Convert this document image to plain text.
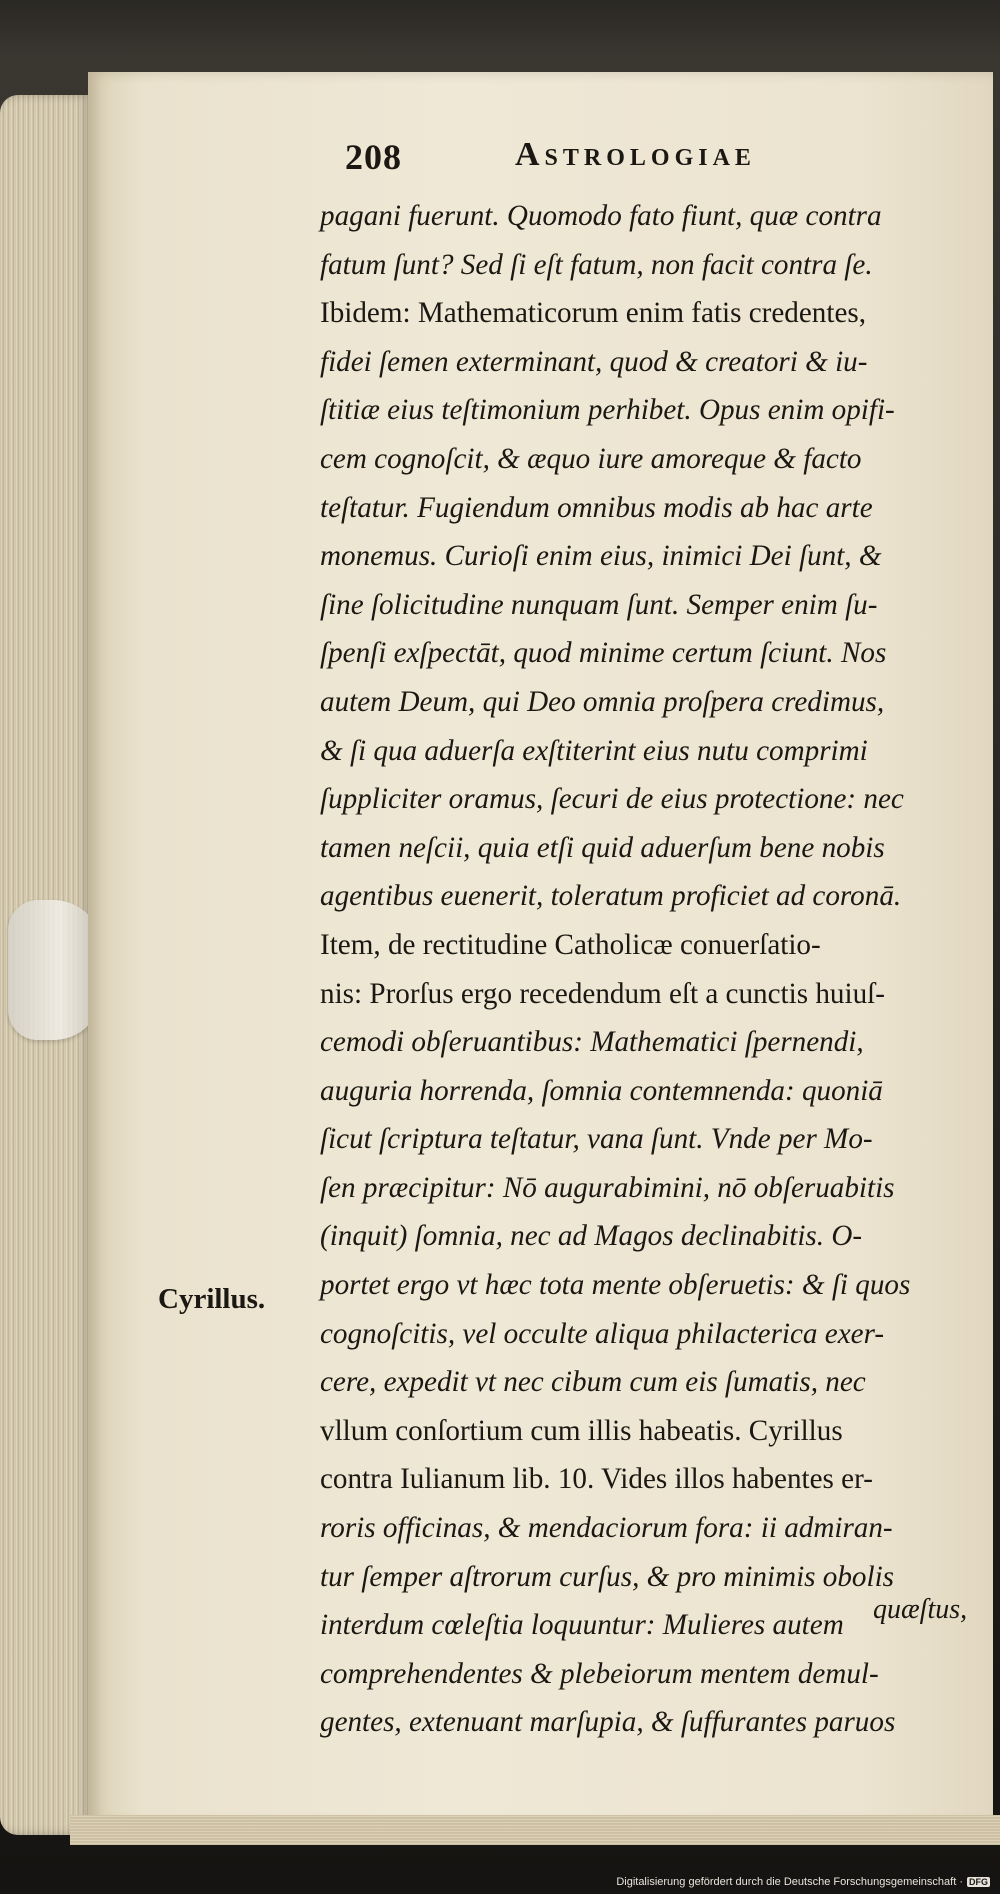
208	Astrologiae
Cyrillus.
pagani fuerunt. Quomodo fato fiunt, quæ contra
fatum ſunt? Sed ſi eſt fatum, non facit contra ſe.
Ibidem: Mathematicorum enim fatis credentes,
fidei ſemen exterminant, quod & creatori & iu-
ſtitiæ eius teſtimonium perhibet. Opus enim opifi-
cem cognoſcit, & æquo iure amoreque & facto
teſtatur. Fugiendum omnibus modis ab hac arte
monemus. Curioſi enim eius, inimici Dei ſunt, &
ſine ſolicitudine nunquam ſunt. Semper enim ſu-
ſpenſi exſpectāt, quod minime certum ſciunt. Nos
autem Deum, qui Deo omnia proſpera credimus,
& ſi qua aduerſa exſtiterint eius nutu comprimi
ſuppliciter oramus, ſecuri de eius protectione: nec
tamen neſcii, quia etſi quid aduerſum bene nobis
agentibus euenerit, toleratum proficiet ad coronā.
Item, de rectitudine Catholicæ conuerſatio-
nis: Prorſus ergo recedendum eſt a cunctis huiuſ-
cemodi obſeruantibus: Mathematici ſpernendi,
auguria horrenda, ſomnia contemnenda: quoniā
ſicut ſcriptura teſtatur, vana ſunt. Vnde per Mo-
ſen præcipitur: Nō augurabimini, nō obſeruabitis
(inquit) ſomnia, nec ad Magos declinabitis. O-
portet ergo vt hæc tota mente obſeruetis: & ſi quos
cognoſcitis, vel occulte aliqua philacterica exer-
cere, expedit vt nec cibum cum eis ſumatis, nec
vllum conſortium cum illis habeatis. Cyrillus
contra Iulianum lib. 10. Vides illos habentes er-
roris officinas, & mendaciorum fora: ii admiran-
tur ſemper aſtrorum curſus, & pro minimis obolis
interdum cœleſtia loquuntur: Mulieres autem
comprehendentes & plebeiorum mentem demul-
gentes, extenuant marſupia, & ſuffurantes paruos
quæſtus,
Digitalisierung gefördert durch die Deutsche Forschungsgemeinschaft · DFG
